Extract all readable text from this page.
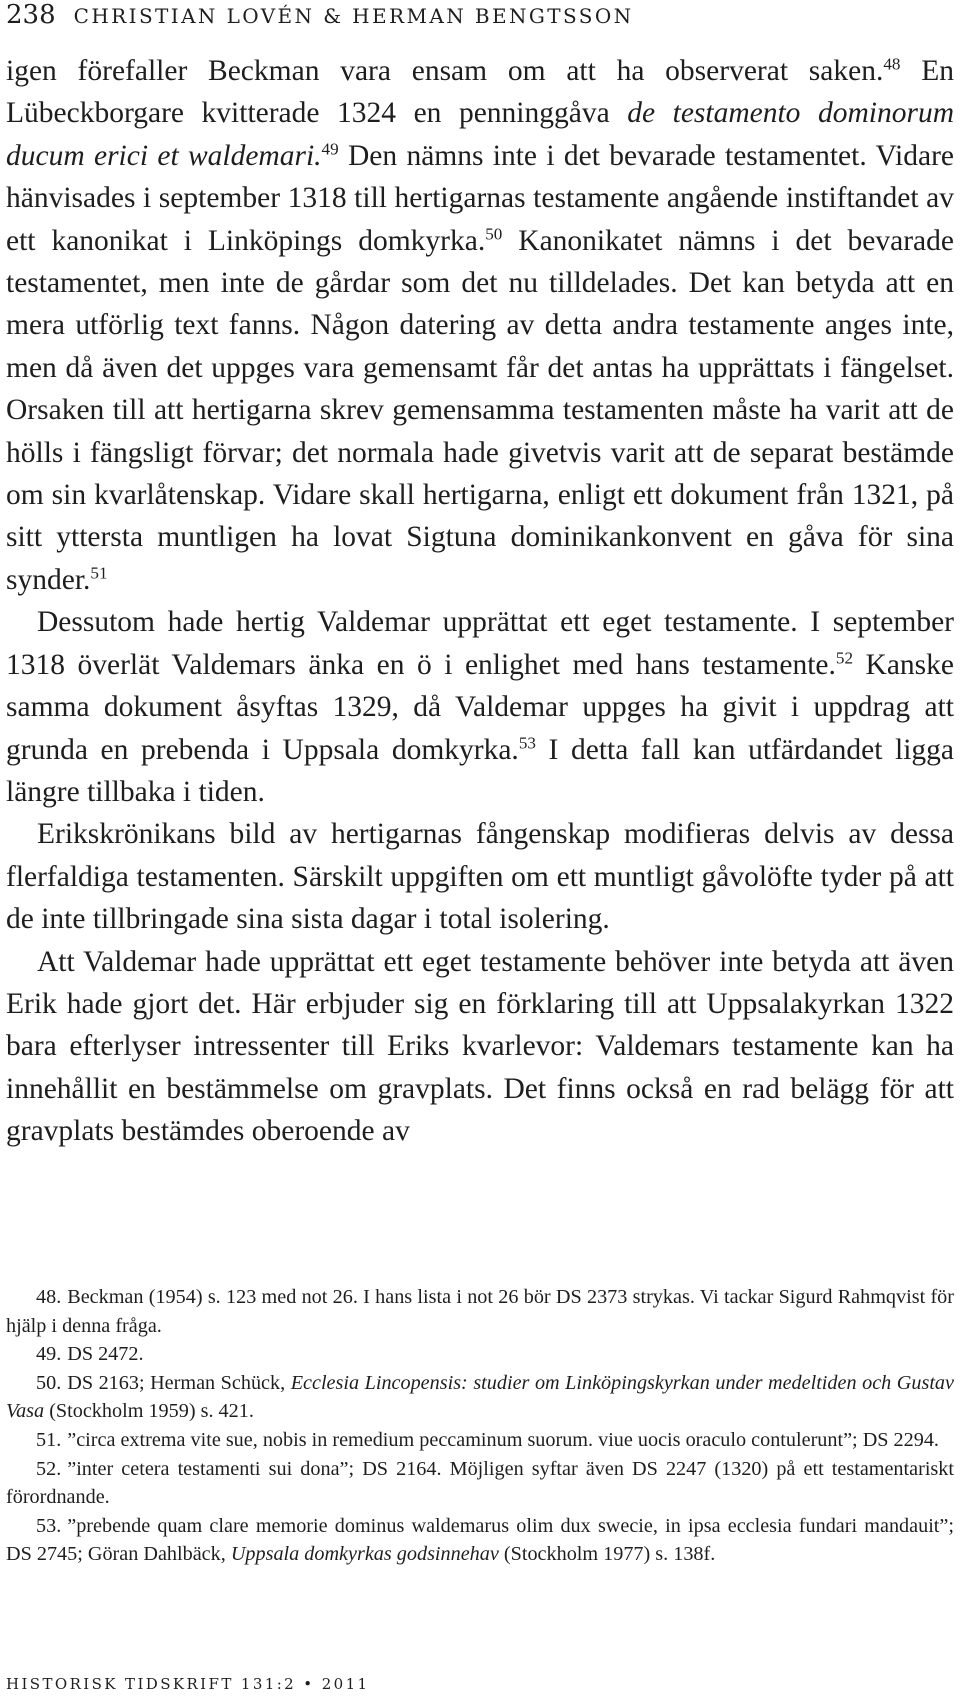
238 CHRISTIAN LOVÉN & HERMAN BENGTSSON

igen förefaller Beckman vara ensam om att ha observerat saken.$^{48}$ En Lübeckborgare kvitterade 1324 en penninggåva de testamento dominorum ducum erici et waldemari.$^{49}$ Den nämns inte i det bevarade testamentet. Vidare hänvisades i september 1318 till hertigarnas testamente angående instiftandet av ett kanonikat i Linköpings domkyrka.$^{50}$ Kanonikatet nämns i det bevarade testamentet, men inte de gårdar som det nu tilldelades. Det kan betyda att en mera utförlig text fanns. Någon datering av detta andra testamente anges inte, men då även det uppges vara gemensamt får det antas ha upprättats i fängelset. Orsaken till att hertigarna skrev gemensamma testamenten måste ha varit att de hölls i fängsligt förvar; det normala hade givetvis varit att de separat bestämde om sin kvarlåtenskap. Vidare skall hertigarna, enligt ett dokument från 1321, på sitt yttersta muntligen ha lovat Sigtuna dominikankonvent en gåva för sina synder.$^{51}$

Dessutom hade hertig Valdemar upprättat ett eget testamente. I september 1318 överlät Valdemars änka en ö i enlighet med hans testamente.$^{52}$ Kanske samma dokument åsyftas 1329, då Valdemar uppges ha givit i uppdrag att grunda en prebenda i Uppsala domkyrka.$^{53}$ I detta fall kan utfärdandet ligga längre tillbaka i tiden.

Erikskrönikans bild av hertigarnas fångenskap modifieras delvis av dessa flerfaldiga testamenten. Särskilt uppgiften om ett muntligt gåvolöfte tyder på att de inte tillbringade sina sista dagar i total isolering.

Att Valdemar hade upprättat ett eget testamente behöver inte betyda att även Erik hade gjort det. Här erbjuder sig en förklaring till att Uppsalakyrkan 1322 bara efterlyser intressenter till Eriks kvarlevor: Valdemars testamente kan ha innehållit en bestämmelse om gravplats. Det finns också en rad belägg för att gravplats bestämdes oberoende av

48. Beckman (1954) s. 123 med not 26. I hans lista i not 26 bör DS 2373 strykas. Vi tackar Sigurd Rahmqvist för hjälp i denna fråga.

49. DS 2472.

50. DS 2163; Herman Schück, Ecclesia Lincopensis: studier om Linköpingskyrkan under medeltiden och Gustav Vasa (Stockholm 1959) s. 421.

51. ”circa extrema vite sue, nobis in remedium peccaminum suorum. viue uocis oraculo contulerunt”; DS 2294.

52. ”inter cetera testamenti sui dona”; DS 2164. Möjligen syftar även DS 2247 (1320) på ett testamentariskt förordnande.

53. ”prebende quam clare memorie dominus waldemarus olim dux swecie, in ipsa ecclesia fundari mandauit”; DS 2745; Göran Dahlbäck, Uppsala domkyrkas godsinnehav (Stockholm 1977) s. 138f.

HISTORISK TIDSKRIFT 131:2 • 2011
